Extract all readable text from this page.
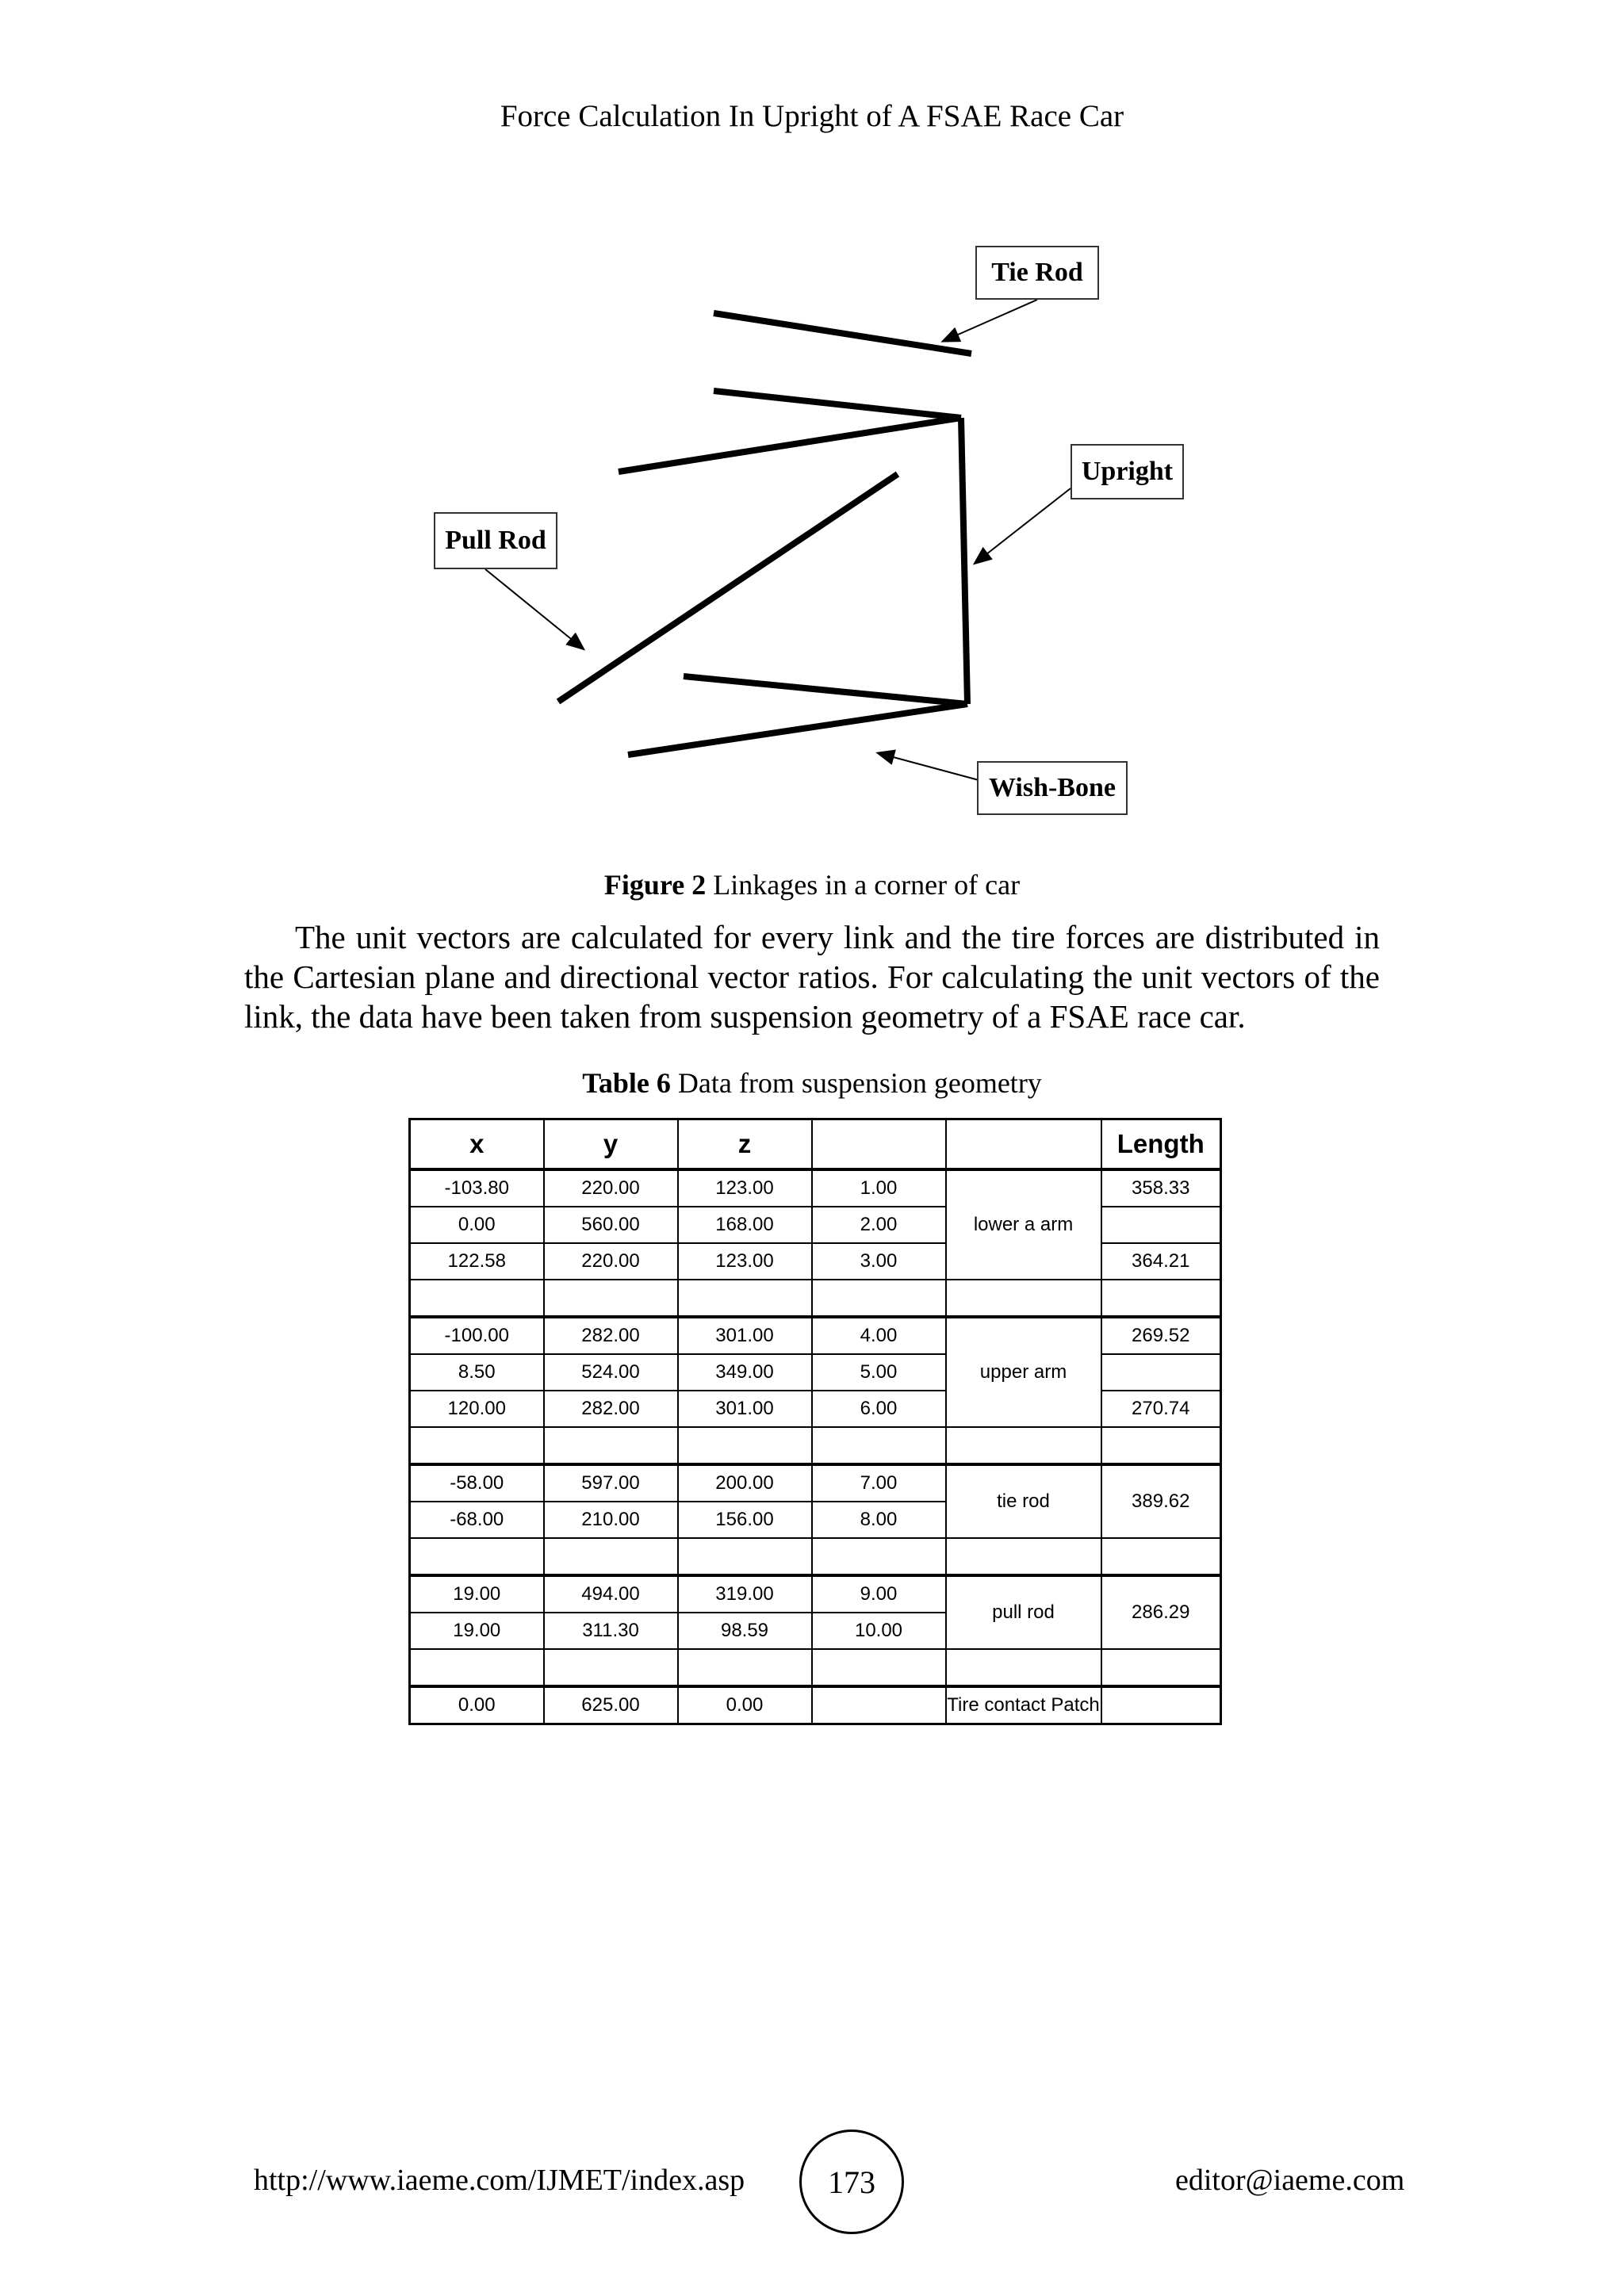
Force Calculation In Upright of A FSAE Race Car
Tie Rod
Upright
Pull Rod
Wish-Bone
Figure 2 Linkages in a corner of car
The unit vectors are calculated for every link and the tire forces are distributed in the Cartesian plane and directional vector ratios. For calculating the unit vectors of the link, the data have been taken from suspension geometry of a FSAE race car.
Table 6 Data from suspension geometry
x	y	z			Length
-103.80	220.00	123.00	1.00	lower a arm	358.33
0.00	560.00	168.00	2.00		
122.58	220.00	123.00	3.00		364.21

-100.00	282.00	301.00	4.00	upper arm	269.52
8.50	524.00	349.00	5.00		
120.00	282.00	301.00	6.00		270.74

-58.00	597.00	200.00	7.00	tie rod	389.62
-68.00	210.00	156.00	8.00		

19.00	494.00	319.00	9.00	pull rod	286.29
19.00	311.30	98.59	10.00		

0.00	625.00	0.00		Tire contact Patch	
http://www.iaeme.com/IJMET/index.asp	173	editor@iaeme.com
